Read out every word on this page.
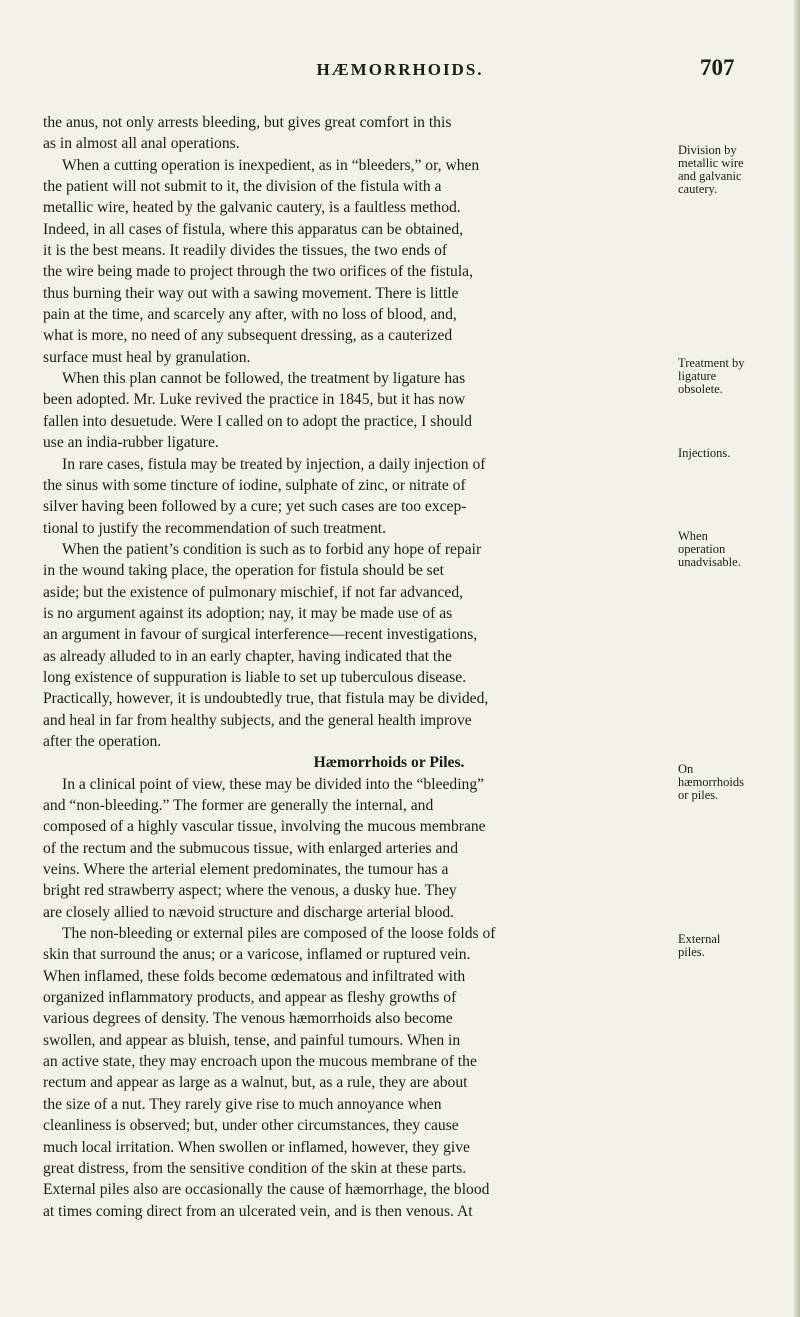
HÆMORRHOIDS.	707
the anus, not only arrests bleeding, but gives great comfort in this
as in almost all anal operations.
When a cutting operation is inexpedient, as in “bleeders,” or, when
the patient will not submit to it, the division of the fistula with a
metallic wire, heated by the galvanic cautery, is a faultless method.
Indeed, in all cases of fistula, where this apparatus can be obtained,
it is the best means. It readily divides the tissues, the two ends of
the wire being made to project through the two orifices of the fistula,
thus burning their way out with a sawing movement. There is little
pain at the time, and scarcely any after, with no loss of blood, and,
what is more, no need of any subsequent dressing, as a cauterized
surface must heal by granulation.
When this plan cannot be followed, the treatment by ligature has
been adopted. Mr. Luke revived the practice in 1845, but it has now
fallen into desuetude. Were I called on to adopt the practice, I should
use an india-rubber ligature.
In rare cases, fistula may be treated by injection, a daily injection of
the sinus with some tincture of iodine, sulphate of zinc, or nitrate of
silver having been followed by a cure; yet such cases are too excep-
tional to justify the recommendation of such treatment.
When the patient’s condition is such as to forbid any hope of repair
in the wound taking place, the operation for fistula should be set
aside; but the existence of pulmonary mischief, if not far advanced,
is no argument against its adoption; nay, it may be made use of as
an argument in favour of surgical interference—recent investigations,
as already alluded to in an early chapter, having indicated that the
long existence of suppuration is liable to set up tuberculous disease.
Practically, however, it is undoubtedly true, that fistula may be divided,
and heal in far from healthy subjects, and the general health improve
after the operation.
Hæmorrhoids or Piles.
In a clinical point of view, these may be divided into the “bleeding”
and “non-bleeding.” The former are generally the internal, and
composed of a highly vascular tissue, involving the mucous membrane
of the rectum and the submucous tissue, with enlarged arteries and
veins. Where the arterial element predominates, the tumour has a
bright red strawberry aspect; where the venous, a dusky hue. They
are closely allied to nævoid structure and discharge arterial blood.
The non-bleeding or external piles are composed of the loose folds of
skin that surround the anus; or a varicose, inflamed or ruptured vein.
When inflamed, these folds become œdematous and infiltrated with
organized inflammatory products, and appear as fleshy growths of
various degrees of density. The venous hæmorrhoids also become
swollen, and appear as bluish, tense, and painful tumours. When in
an active state, they may encroach upon the mucous membrane of the
rectum and appear as large as a walnut, but, as a rule, they are about
the size of a nut. They rarely give rise to much annoyance when
cleanliness is observed; but, under other circumstances, they cause
much local irritation. When swollen or inflamed, however, they give
great distress, from the sensitive condition of the skin at these parts.
External piles also are occasionally the cause of hæmorrhage, the blood
at times coming direct from an ulcerated vein, and is then venous. At
Division by
metallic wire
and galvanic
cautery.
Treatment by
ligature
obsolete.
Injections.
When
operation
unadvisable.
On
hæmorrhoids
or piles.
External
piles.
